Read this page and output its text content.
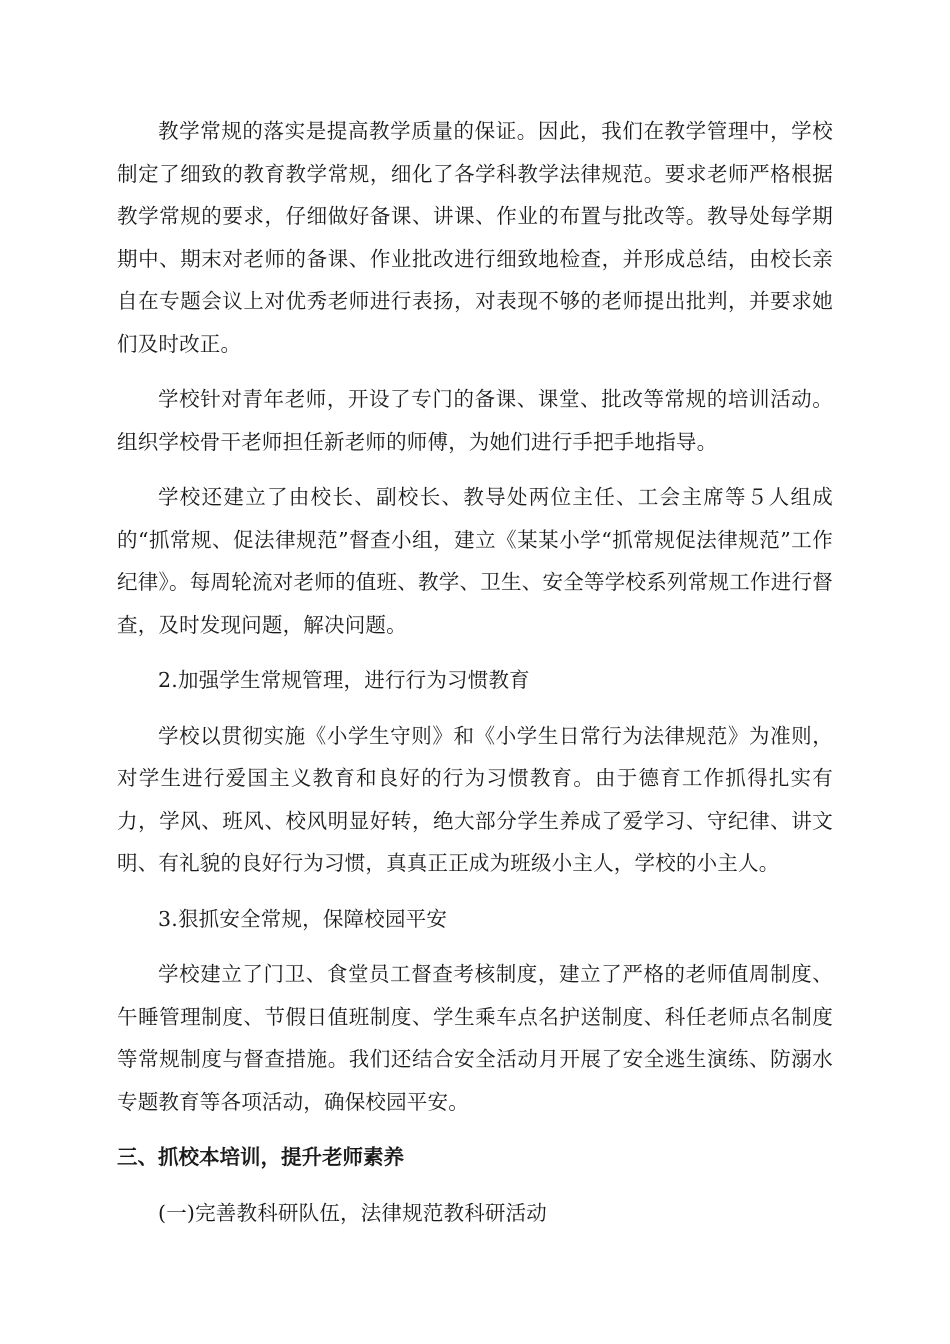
教学常规的落实是提高教学质量的保证。因此，我们在教学管理中，学校制定了细致的教育教学常规，细化了各学科教学法律规范。要求老师严格根据教学常规的要求，仔细做好备课、讲课、作业的布置与批改等。教导处每学期期中、期末对老师的备课、作业批改进行细致地检查，并形成总结，由校长亲自在专题会议上对优秀老师进行表扬，对表现不够的老师提出批判，并要求她们及时改正。

学校针对青年老师，开设了专门的备课、课堂、批改等常规的培训活动。组织学校骨干老师担任新老师的师傅，为她们进行手把手地指导。

学校还建立了由校长、副校长、教导处两位主任、工会主席等５人组成的“抓常规、促法律规范”督查小组，建立《某某小学“抓常规促法律规范”工作纪律》。每周轮流对老师的值班、教学、卫生、安全等学校系列常规工作进行督查，及时发现问题，解决问题。

2.加强学生常规管理，进行行为习惯教育

学校以贯彻实施《小学生守则》和《小学生日常行为法律规范》为准则，对学生进行爱国主义教育和良好的行为习惯教育。由于德育工作抓得扎实有力，学风、班风、校风明显好转，绝大部分学生养成了爱学习、守纪律、讲文明、有礼貌的良好行为习惯，真真正正成为班级小主人，学校的小主人。

3.狠抓安全常规，保障校园平安

学校建立了门卫、食堂员工督查考核制度，建立了严格的老师值周制度、午睡管理制度、节假日值班制度、学生乘车点名护送制度、科任老师点名制度等常规制度与督查措施。我们还结合安全活动月开展了安全逃生演练、防溺水专题教育等各项活动，确保校园平安。

三、抓校本培训，提升老师素养

(一)完善教科研队伍，法律规范教科研活动
